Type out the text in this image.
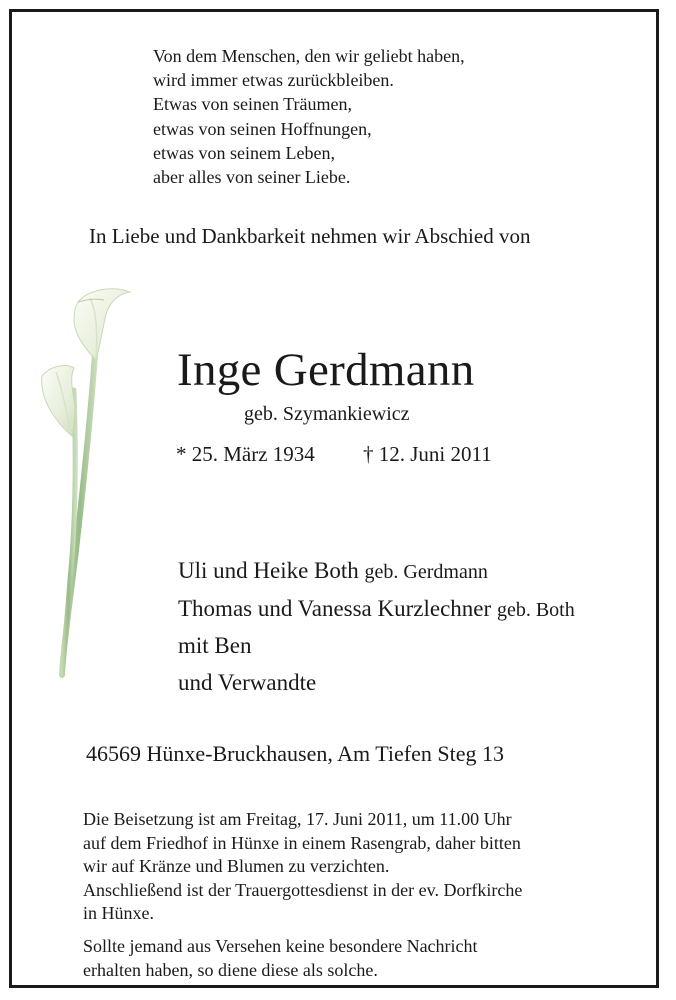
Von dem Menschen, den wir geliebt haben,
wird immer etwas zurückbleiben.
Etwas von seinen Träumen,
etwas von seinen Hoffnungen,
etwas von seinem Leben,
aber alles von seiner Liebe.
In Liebe und Dankbarkeit nehmen wir Abschied von
Inge Gerdmann
geb. Szymankiewicz
* 25. März 1934 † 12. Juni 2011
Uli und Heike Both geb. Gerdmann
Thomas und Vanessa Kurzlechner geb. Both
mit Ben
und Verwandte
46569 Hünxe-Bruckhausen, Am Tiefen Steg 13
Die Beisetzung ist am Freitag, 17. Juni 2011, um 11.00 Uhr
auf dem Friedhof in Hünxe in einem Rasengrab, daher bitten
wir auf Kränze und Blumen zu verzichten.
Anschließend ist der Trauergottesdienst in der ev. Dorfkirche
in Hünxe.
Sollte jemand aus Versehen keine besondere Nachricht
erhalten haben, so diene diese als solche.
